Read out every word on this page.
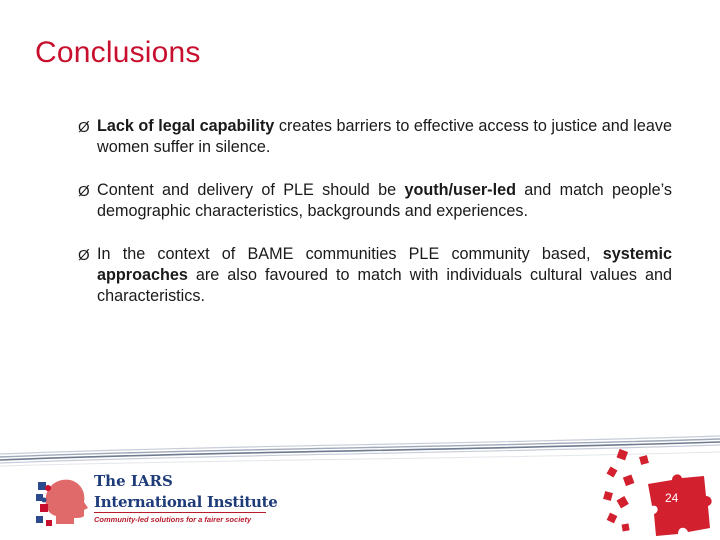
Conclusions
Ø Lack of legal capability creates barriers to effective access to justice and leave women suffer in silence.
Ø Content and delivery of PLE should be youth/user-led and match people’s demographic characteristics, backgrounds and experiences.
Ø In the context of BAME communities PLE community based, systemic approaches are also favoured to match with individuals cultural values and characteristics.
The IARS
International Institute
Community-led solutions for a fairer society
24
